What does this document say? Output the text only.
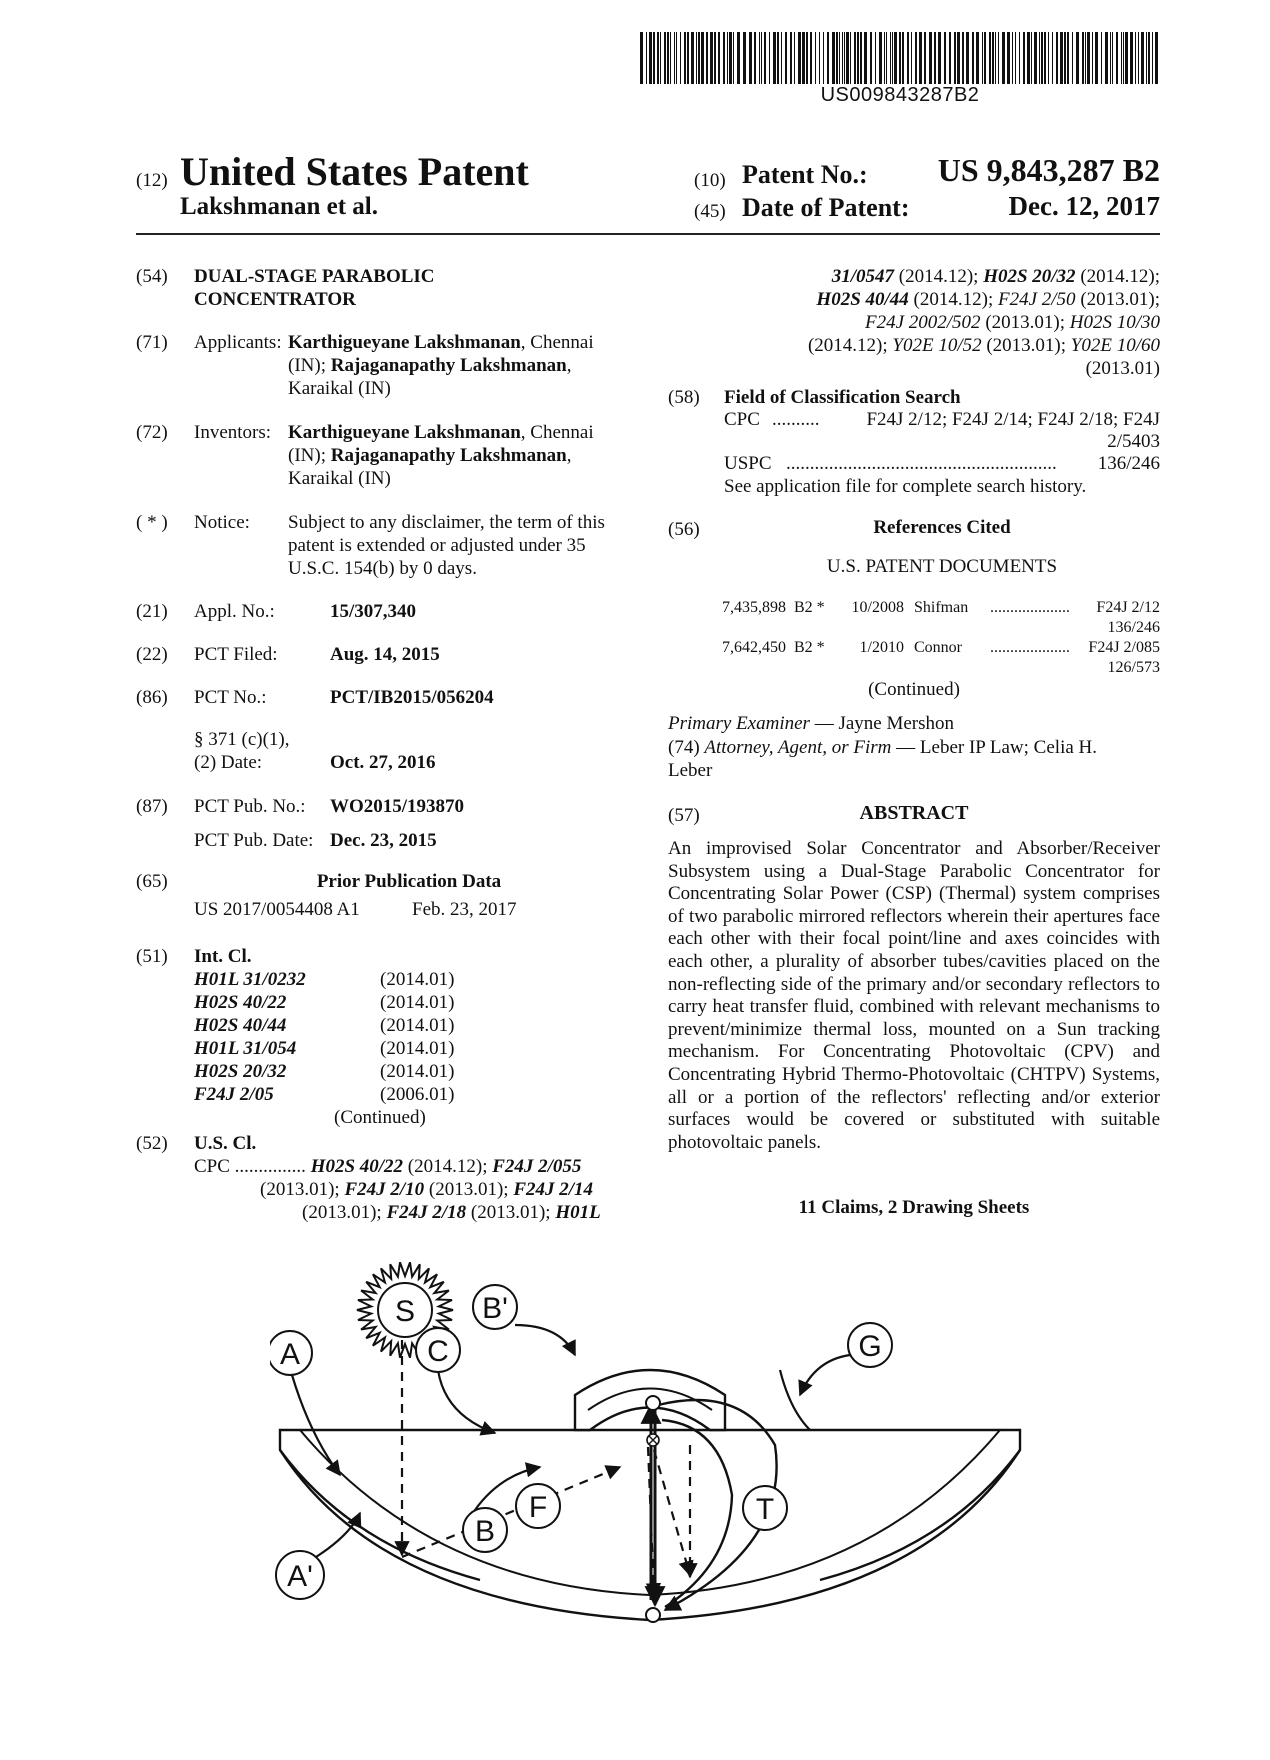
US009843287B2
(12) United States Patent
Lakshmanan et al.
(10) Patent No.:	US 9,843,287 B2
(45) Date of Patent:	Dec. 12, 2017
(54) DUAL-STAGE PARABOLIC
CONCENTRATOR
(71) Applicants: Karthigueyane Lakshmanan, Chennai
(IN); Rajaganapathy Lakshmanan,
Karaikal (IN)
(72) Inventors: Karthigueyane Lakshmanan, Chennai
(IN); Rajaganapathy Lakshmanan,
Karaikal (IN)
( * ) Notice: Subject to any disclaimer, the term of this
patent is extended or adjusted under 35
U.S.C. 154(b) by 0 days.
(21) Appl. No.:	15/307,340
(22) PCT Filed:	Aug. 14, 2015
(86) PCT No.:	PCT/IB2015/056204
§ 371 (c)(1),
(2) Date:	Oct. 27, 2016
(87) PCT Pub. No.: WO2015/193870
PCT Pub. Date: Dec. 23, 2015
(65)	Prior Publication Data
US 2017/0054408 A1	Feb. 23, 2017
(51) Int. Cl.
H01L 31/0232	(2014.01)
H02S 40/22	(2014.01)
H02S 40/44	(2014.01)
H01L 31/054	(2014.01)
H02S 20/32	(2014.01)
F24J 2/05	(2006.01)
(Continued)
(52) U.S. Cl.
CPC ............... H02S 40/22 (2014.12); F24J 2/055
(2013.01); F24J 2/10 (2013.01); F24J 2/14
(2013.01); F24J 2/18 (2013.01); H01L
31/0547 (2014.12); H02S 20/32 (2014.12);
H02S 40/44 (2014.12); F24J 2/50 (2013.01);
F24J 2002/502 (2013.01); H02S 10/30
(2014.12); Y02E 10/52 (2013.01); Y02E 10/60
(2013.01)
(58) Field of Classification Search
CPC ..........	F24J 2/12; F24J 2/14; F24J 2/18; F24J
2/5403
USPC .........................................................	136/246
See application file for complete search history.
(56)	References Cited
U.S. PATENT DOCUMENTS
7,435,898 B2 *	10/2008 Shifman ....................	F24J 2/12
136/246
7,642,450 B2 *	1/2010 Connor ....................	F24J 2/085
126/573
(Continued)
Primary Examiner — Jayne Mershon
(74) Attorney, Agent, or Firm — Leber IP Law; Celia H.
Leber
(57)	ABSTRACT
An improvised Solar Concentrator and Absorber/Receiver Subsystem using a Dual-Stage Parabolic Concentrator for Concentrating Solar Power (CSP) (Thermal) system comprises of two parabolic mirrored reflectors wherein their apertures face each other with their focal point/line and axes coincides with each other, a plurality of absorber tubes/cavities placed on the non-reflecting side of the primary and/or secondary reflectors to carry heat transfer fluid, combined with relevant mechanisms to prevent/minimize thermal loss, mounted on a Sun tracking mechanism. For Concentrating Photovoltaic (CPV) and Concentrating Hybrid Thermo-Photovoltaic (CHTPV) Systems, all or a portion of the reflectors' reflecting and/or exterior surfaces would be covered or substituted with suitable photovoltaic panels.
11 Claims, 2 Drawing Sheets
S
A	C
B'
G
F
B
T
A'
